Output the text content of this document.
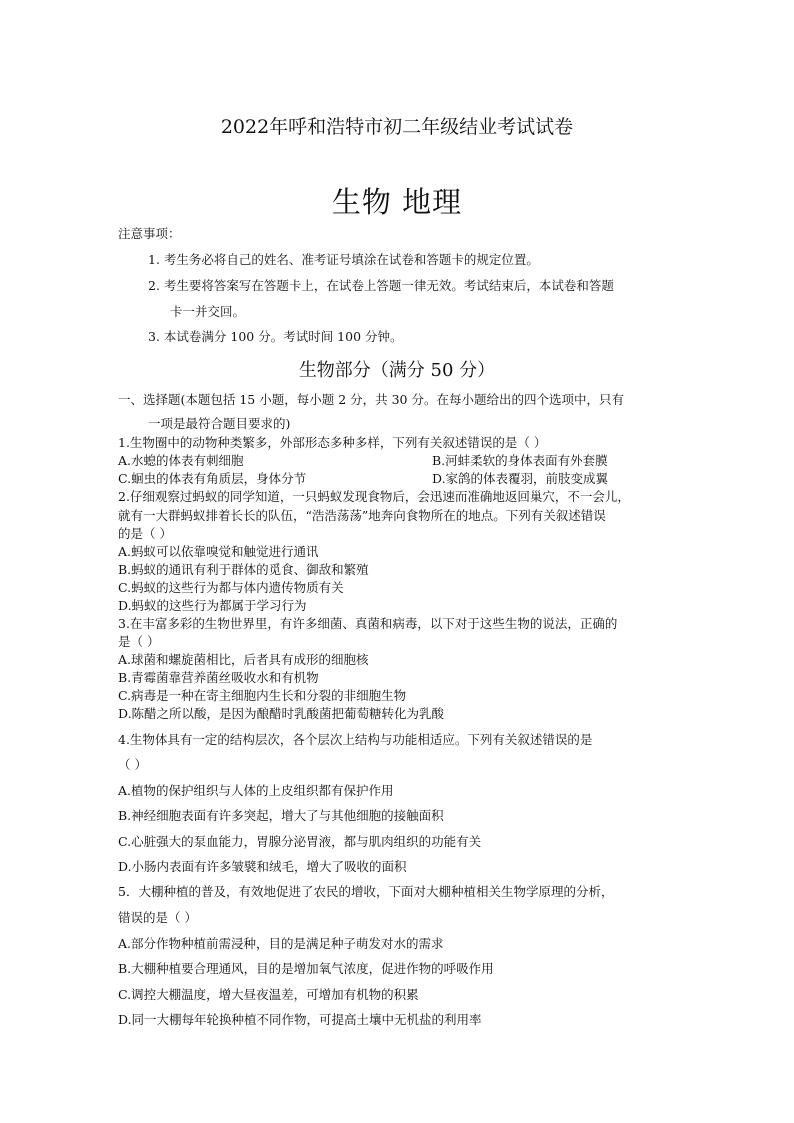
2022年呼和浩特市初二年级结业考试试卷
生物 地理
注意事项：
1. 考生务必将自己的姓名、准考证号填涂在试卷和答题卡的规定位置。
2. 考生要将答案写在答题卡上，在试卷上答题一律无效。考试结束后，本试卷和答题
卡一并交回。
3. 本试卷满分 100 分。考试时间 100 分钟。
生物部分（满分 50 分）
一、选择题(本题包括 15 小题，每小题 2 分，共 30 分。在每小题给出的四个选项中，只有
一项是最符合题目要求的)
1.生物圈中的动物种类繁多，外部形态多种多样，下列有关叙述错误的是（ ）
A.水螅的体表有刺细胞	B.河蚌柔软的身体表面有外套膜
C.蛔虫的体表有角质层，身体分节	D.家鸽的体表覆羽，前肢变成翼
2.仔细观察过蚂蚁的同学知道，一只蚂蚁发现食物后，会迅速而准确地返回巢穴，不一会儿，
就有一大群蚂蚁排着长长的队伍，“浩浩荡荡”地奔向食物所在的地点。下列有关叙述错误
的是（ ）
A.蚂蚁可以依靠嗅觉和触觉进行通讯
B.蚂蚁的通讯有利于群体的觅食、御敌和繁殖
C.蚂蚁的这些行为都与体内遗传物质有关
D.蚂蚁的这些行为都属于学习行为
3.在丰富多彩的生物世界里，有许多细菌、真菌和病毒，以下对于这些生物的说法，正确的
是（ ）
A.球菌和螺旋菌相比，后者具有成形的细胞核
B.青霉菌靠营养菌丝吸收水和有机物
C.病毒是一种在寄主细胞内生长和分裂的非细胞生物
D.陈醋之所以酸，是因为酿醋时乳酸菌把葡萄糖转化为乳酸
4.生物体具有一定的结构层次，各个层次上结构与功能相适应。下列有关叙述错误的是
（ ）
A.植物的保护组织与人体的上皮组织都有保护作用
B.神经细胞表面有许多突起，增大了与其他细胞的接触面积
C.心脏强大的泵血能力，胃腺分泌胃液，都与肌肉组织的功能有关
D.小肠内表面有许多皱襞和绒毛，增大了吸收的面积
5．大棚种植的普及，有效地促进了农民的增收，下面对大棚种植相关生物学原理的分析，
错误的是（ ）
A.部分作物种植前需浸种，目的是满足种子萌发对水的需求
B.大棚种植要合理通风，目的是增加氧气浓度，促进作物的呼吸作用
C.调控大棚温度，增大昼夜温差，可增加有机物的积累
D.同一大棚每年轮换种植不同作物，可提高土壤中无机盐的利用率
